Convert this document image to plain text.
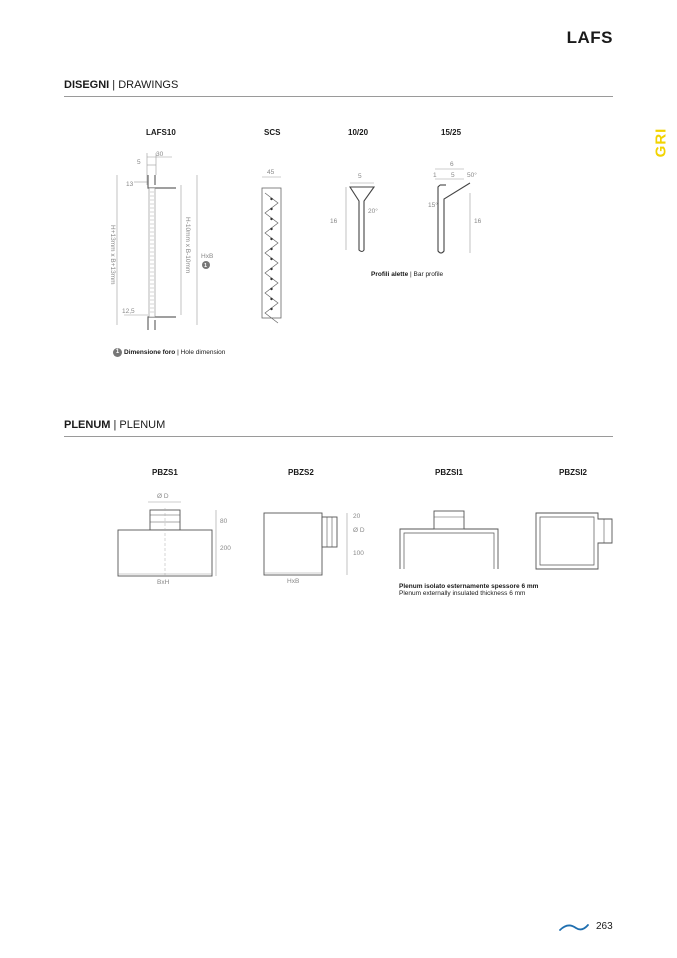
LAFS
GRI
DISEGNI | DRAWINGS
LAFS10	SCS	10/20	15/25
30
5
13
12,5
H+13mm x B+13mm	H-10mm x B-10mm HxB
1
45
5
16
20°
6
1 5 50°
15°
16
Profili alette | Bar profile
1 Dimensione foro | Hole dimension
PLENUM | PLENUM
PBZS1	PBZS2	PBZSI1	PBZSI2
Ø D
80
200
BxH
20
Ø D
100
HxB
Plenum isolato esternamente spessore 6 mm
Plenum externally insulated thickness 6 mm
263
